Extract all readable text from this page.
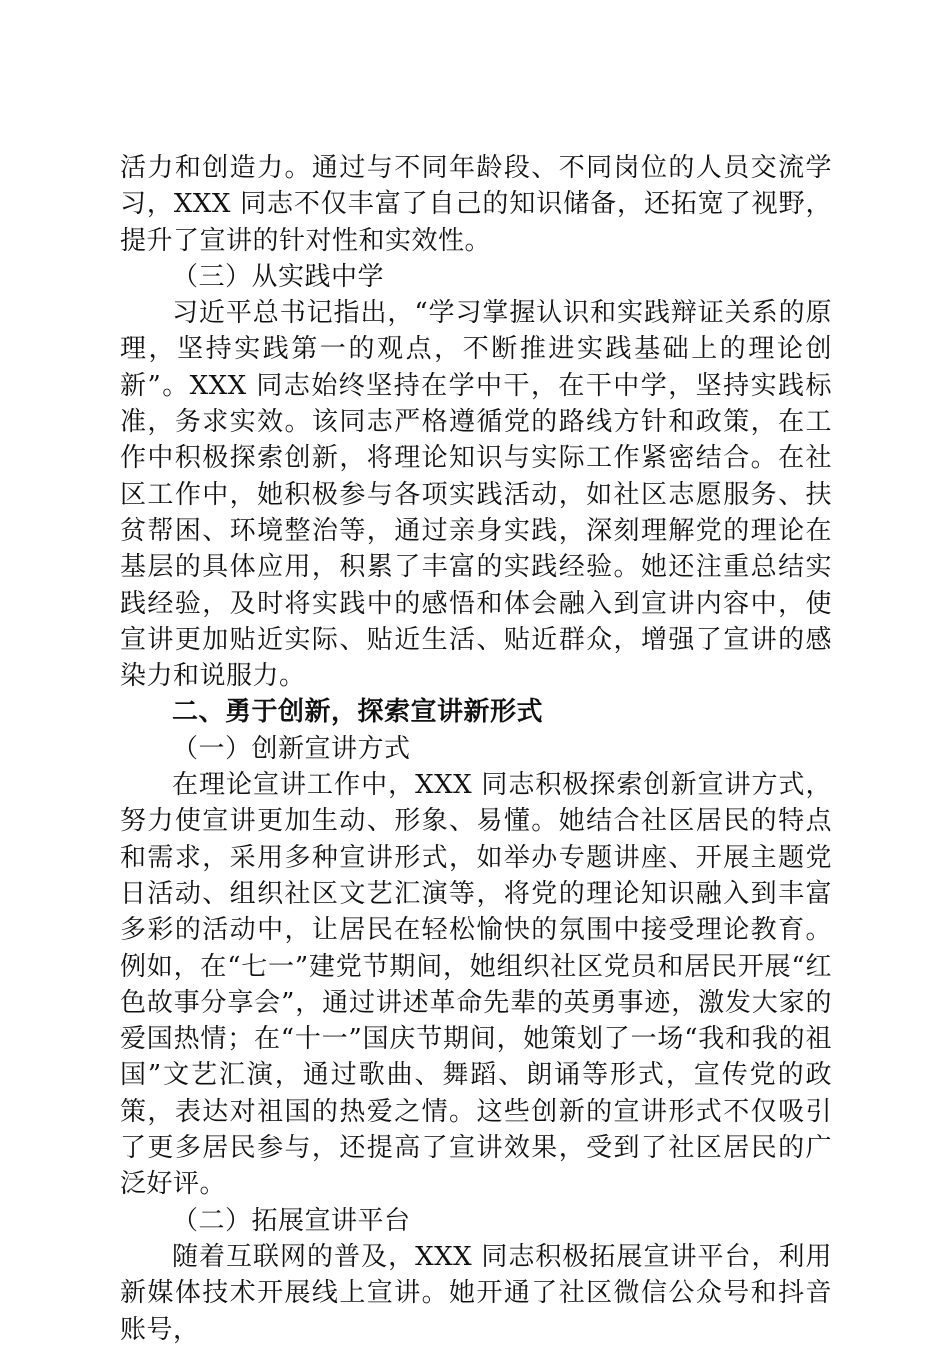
活力和创造力。通过与不同年龄段、不同岗位的人员交流学习，XXX 同志不仅丰富了自己的知识储备，还拓宽了视野，提升了宣讲的针对性和实效性。

（三）从实践中学

习近平总书记指出，“学习掌握认识和实践辩证关系的原理，坚持实践第一的观点，不断推进实践基础上的理论创新”。XXX 同志始终坚持在学中干，在干中学，坚持实践标准，务求实效。该同志严格遵循党的路线方针和政策，在工作中积极探索创新，将理论知识与实际工作紧密结合。在社区工作中，她积极参与各项实践活动，如社区志愿服务、扶贫帮困、环境整治等，通过亲身实践，深刻理解党的理论在基层的具体应用，积累了丰富的实践经验。她还注重总结实践经验，及时将实践中的感悟和体会融入到宣讲内容中，使宣讲更加贴近实际、贴近生活、贴近群众，增强了宣讲的感染力和说服力。

二、勇于创新，探索宣讲新形式

（一）创新宣讲方式

在理论宣讲工作中，XXX 同志积极探索创新宣讲方式，努力使宣讲更加生动、形象、易懂。她结合社区居民的特点和需求，采用多种宣讲形式，如举办专题讲座、开展主题党日活动、组织社区文艺汇演等，将党的理论知识融入到丰富多彩的活动中，让居民在轻松愉快的氛围中接受理论教育。例如，在“七一”建党节期间，她组织社区党员和居民开展“红色故事分享会”，通过讲述革命先辈的英勇事迹，激发大家的爱国热情；在“十一”国庆节期间，她策划了一场“我和我的祖国”文艺汇演，通过歌曲、舞蹈、朗诵等形式，宣传党的政策，表达对祖国的热爱之情。这些创新的宣讲形式不仅吸引了更多居民参与，还提高了宣讲效果，受到了社区居民的广泛好评。

（二）拓展宣讲平台

随着互联网的普及，XXX 同志积极拓展宣讲平台，利用新媒体技术开展线上宣讲。她开通了社区微信公众号和抖音账号，
